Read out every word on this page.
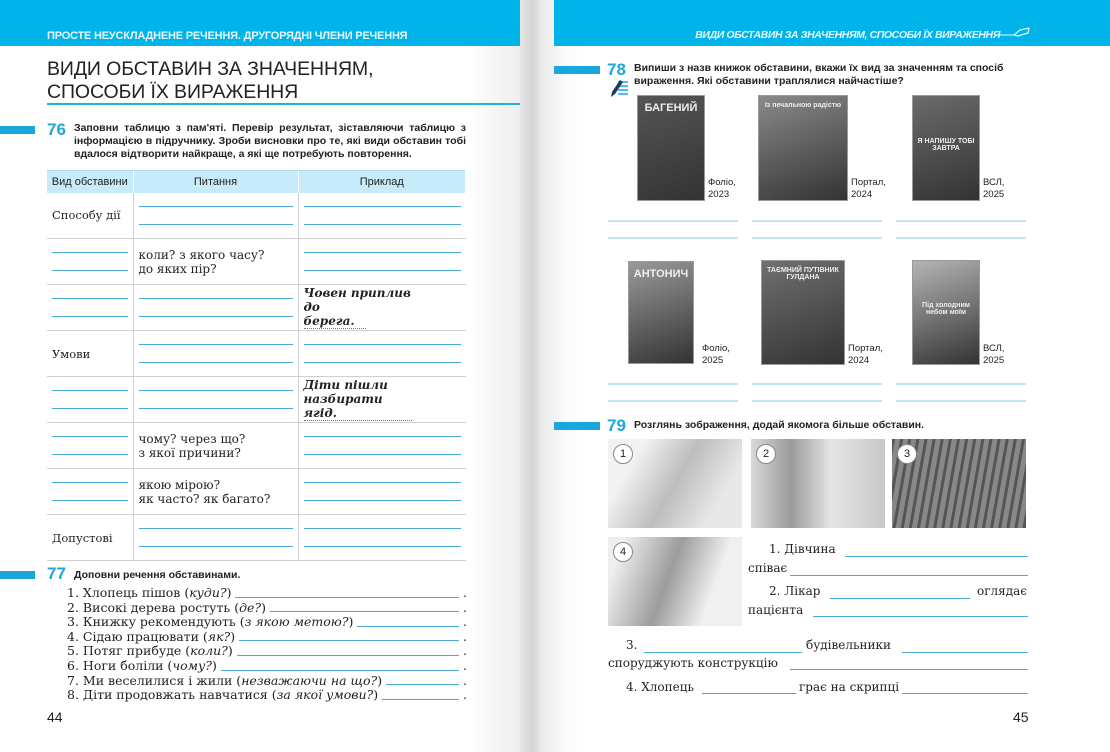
ПРОСТЕ НЕУСКЛАДНЕНЕ РЕЧЕННЯ. ДРУГОРЯДНІ ЧЛЕНИ РЕЧЕННЯ
ВИДИ ОБСТАВИН ЗА ЗНАЧЕННЯМ,
СПОСОБИ ЇХ ВИРАЖЕННЯ
76 Заповни таблицю з пам'яті. Перевір результат, зіставляючи таблицю з інформацією в підручнику. Зроби висновки про те, які види обставин тобі вдалося відтворити найкраще, а які ще потребують повторення.
Вид обставини	Питання	Приклад
Способу дії	

	коли? з якого часу?
до яких пір?	

		Човен приплив
до берега.

Умови	

		Діти пішли
назбирати ягід.

	чому? через що?
з якої причини?	

	якою мірою?
як часто? як багато?	

Допустові	

77 Доповни речення обставинами.
1.
Хлопець пішов ( куди? )	.
2.
Високі дерева ростуть ( де? )	.
3.
Книжку рекомендують ( з якою метою? )	.
4.
Сідаю працювати ( як? )	.
5.
Потяг прибуде ( коли? )	.
6.
Ноги боліли ( чому? )	.
7.
Ми веселилися і жили ( незважаючи на що? )	.
8.
Діти продовжать навчатися ( за якої умови? )	.
44
ВИДИ ОБСТАВИН ЗА ЗНАЧЕННЯМ, СПОСОБИ ЇХ ВИРАЖЕННЯ
78 Випиши з назв книжок обставини, вкажи їх вид за значенням та спосіб вираження. Які обставини траплялися найчастіше?
БАГЕНИЙ
Фоліо,
2023
Із печальною радістю
Портал,
2024
Я НАПИШУ ТОБІ ЗАВТРА
ВСЛ,
2025
АНТОНИЧ
Фоліо,
2025
ТАЄМНИЙ ПУТІВНИК ГУЛДАНА
Портал,
2024
Під холодним небом моїм
ВСЛ,
2025
79 Розглянь зображення, додай якомога більше обставин.
1	2	3
4	1. Дівчина
співає
2. Лікар	оглядає
пацієнта
3.	будівельники
споруджують конструкцію
4. Хлопець	грає на скрипці
45
